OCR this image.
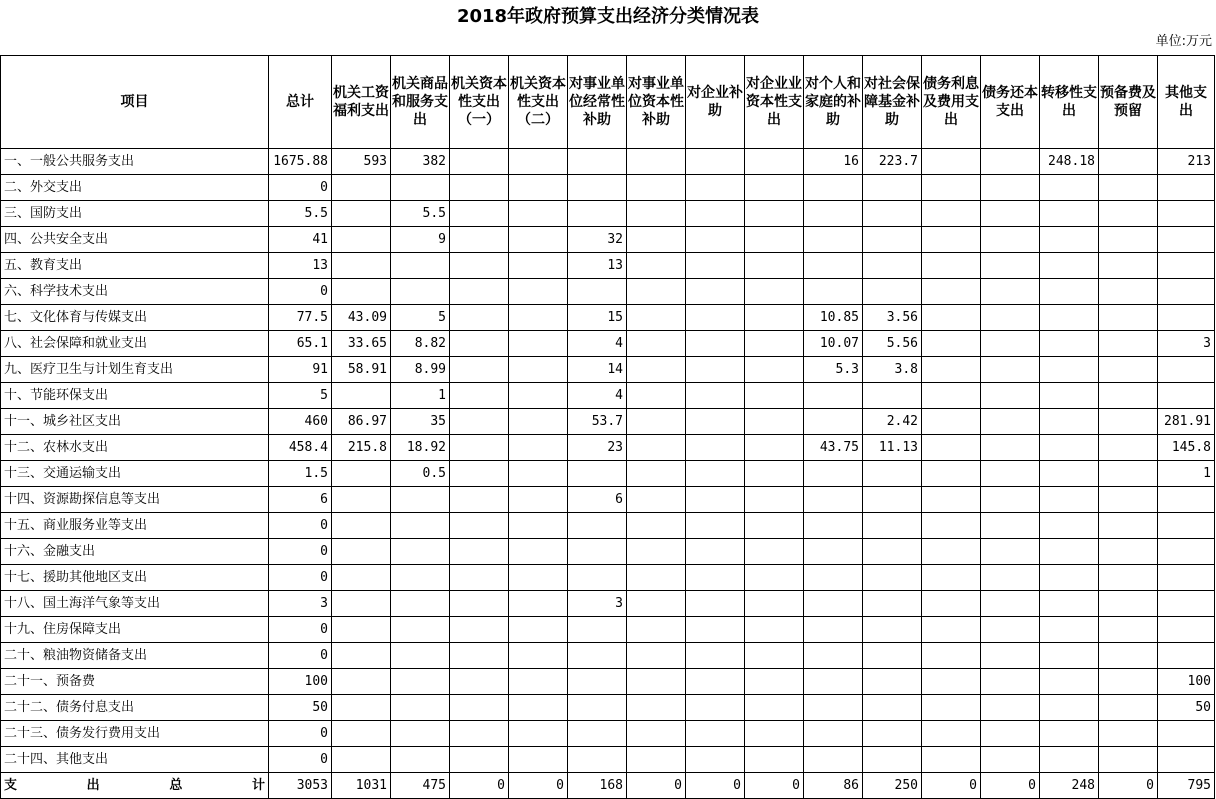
2018年政府预算支出经济分类情况表
单位:万元
项目	总计	机关工资福利支出	机关商品和服务支出	机关资本性支出（一）	机关资本性支出（二）	对事业单位经常性补助	对事业单位资本性补助	对企业补助	对企业业资本性支出	对个人和家庭的补助	对社会保障基金补助	债务利息及费用支出	债务还本支出	转移性支出	预备费及预留	其他支出
一、一般公共服务支出	1675.88	593	382							16	223.7			248.18		213
二、外交支出	0															
三、国防支出	5.5		5.5													
四、公共安全支出	41		9			32										
五、教育支出	13					13										
六、科学技术支出	0															
七、文化体育与传媒支出	77.5	43.09	5			15				10.85	3.56					
八、社会保障和就业支出	65.1	33.65	8.82			4				10.07	5.56					3
九、医疗卫生与计划生育支出	91	58.91	8.99			14				5.3	3.8					
十、节能环保支出	5		1			4										
十一、城乡社区支出	460	86.97	35			53.7					2.42					281.91
十二、农林水支出	458.4	215.8	18.92			23				43.75	11.13					145.8
十三、交通运输支出	1.5		0.5													1
十四、资源勘探信息等支出	6					6										
十五、商业服务业等支出	0															
十六、金融支出	0															
十七、援助其他地区支出	0															
十八、国土海洋气象等支出	3					3										
十九、住房保障支出	0															
二十、粮油物资储备支出	0															
二十一、预备费	100															100
二十二、债务付息支出	50															50
二十三、债务发行费用支出	0															
二十四、其他支出	0															

支 出 总 计	3053	1031	475	0	0	168	0	0	0	86	250	0	0	248	0	795
